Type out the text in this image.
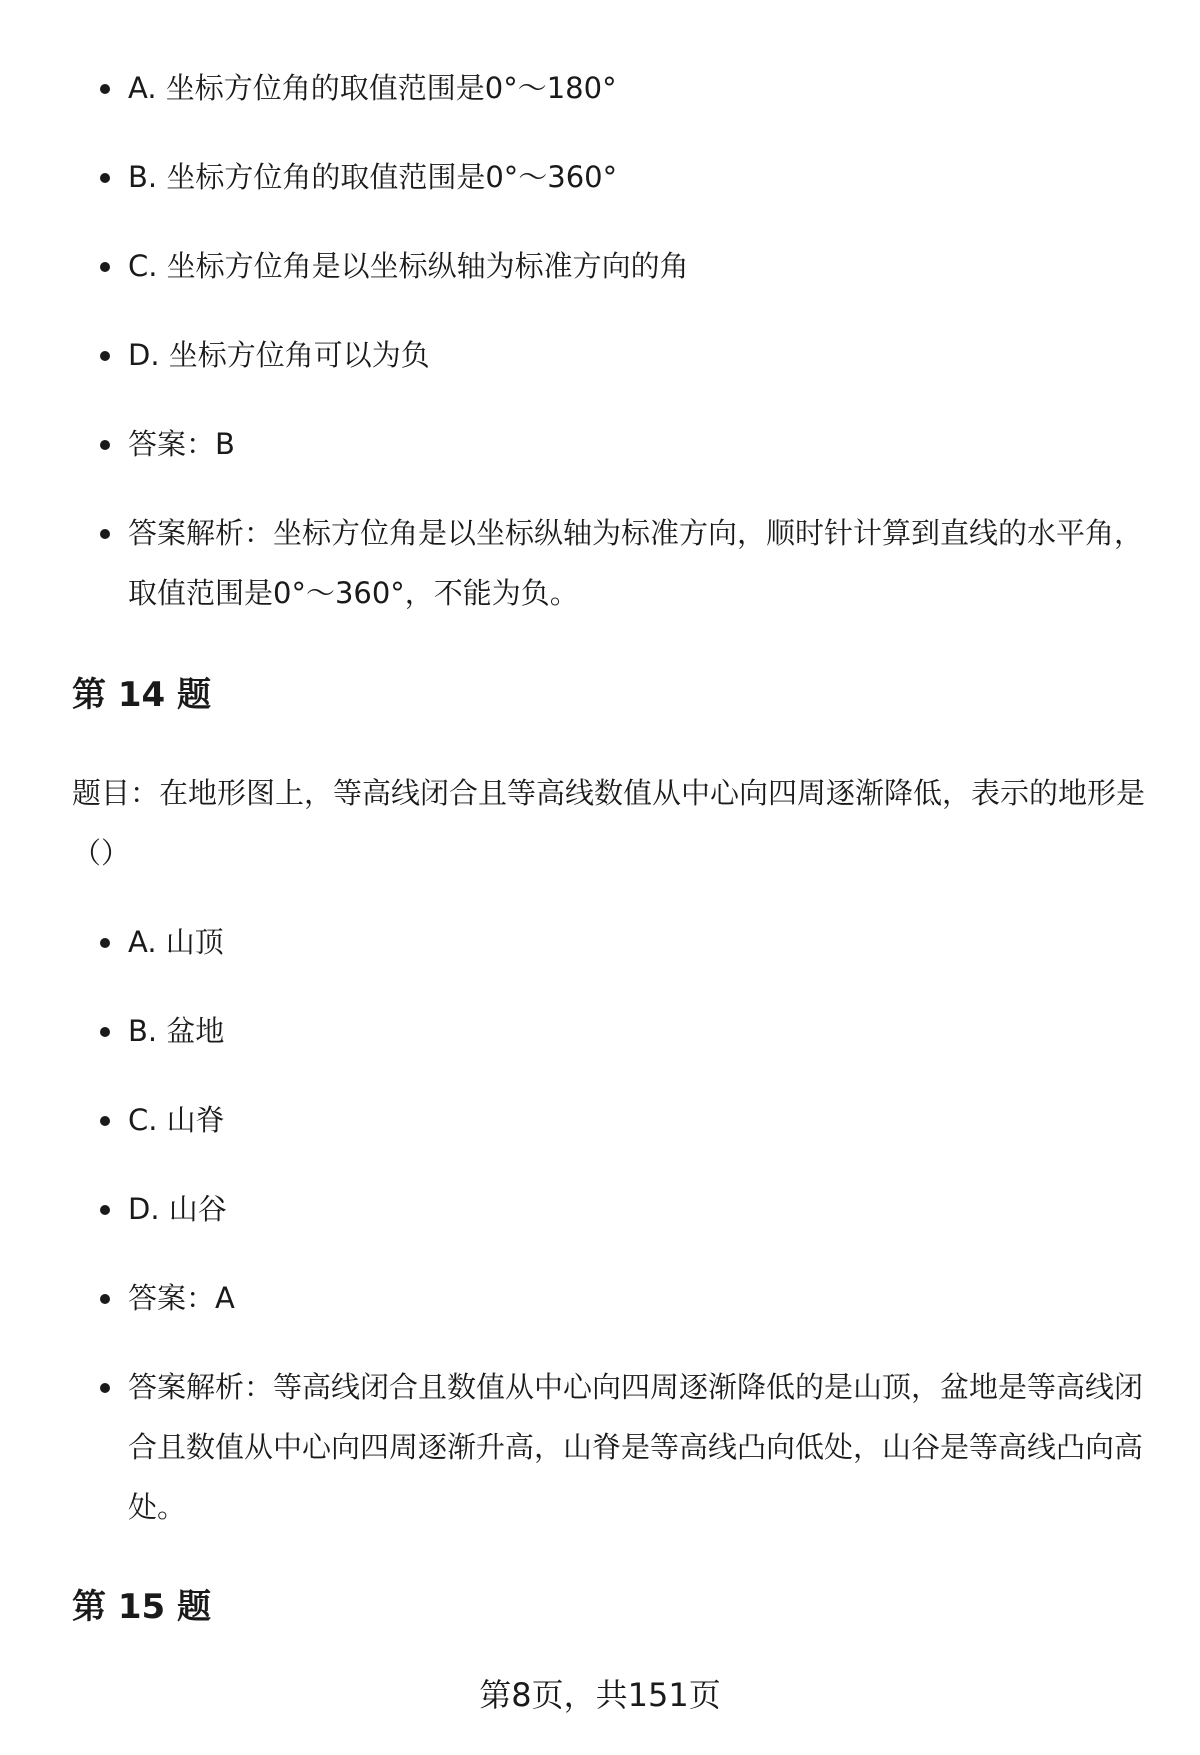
A. 坐标方位角的取值范围是0°～180°
B. 坐标方位角的取值范围是0°～360°
C. 坐标方位角是以坐标纵轴为标准方向的角
D. 坐标方位角可以为负
答案：B
答案解析：坐标方位角是以坐标纵轴为标准方向，顺时针计算到直线的水平角，取值范围是0°～360°，不能为负。
第 14 题
题目：在地形图上，等高线闭合且等高线数值从中心向四周逐渐降低，表示的地形是（）
A. 山顶
B. 盆地
C. 山脊
D. 山谷
答案：A
答案解析：等高线闭合且数值从中心向四周逐渐降低的是山顶，盆地是等高线闭合且数值从中心向四周逐渐升高，山脊是等高线凸向低处，山谷是等高线凸向高处。
第 15 题
第8页，共151页
